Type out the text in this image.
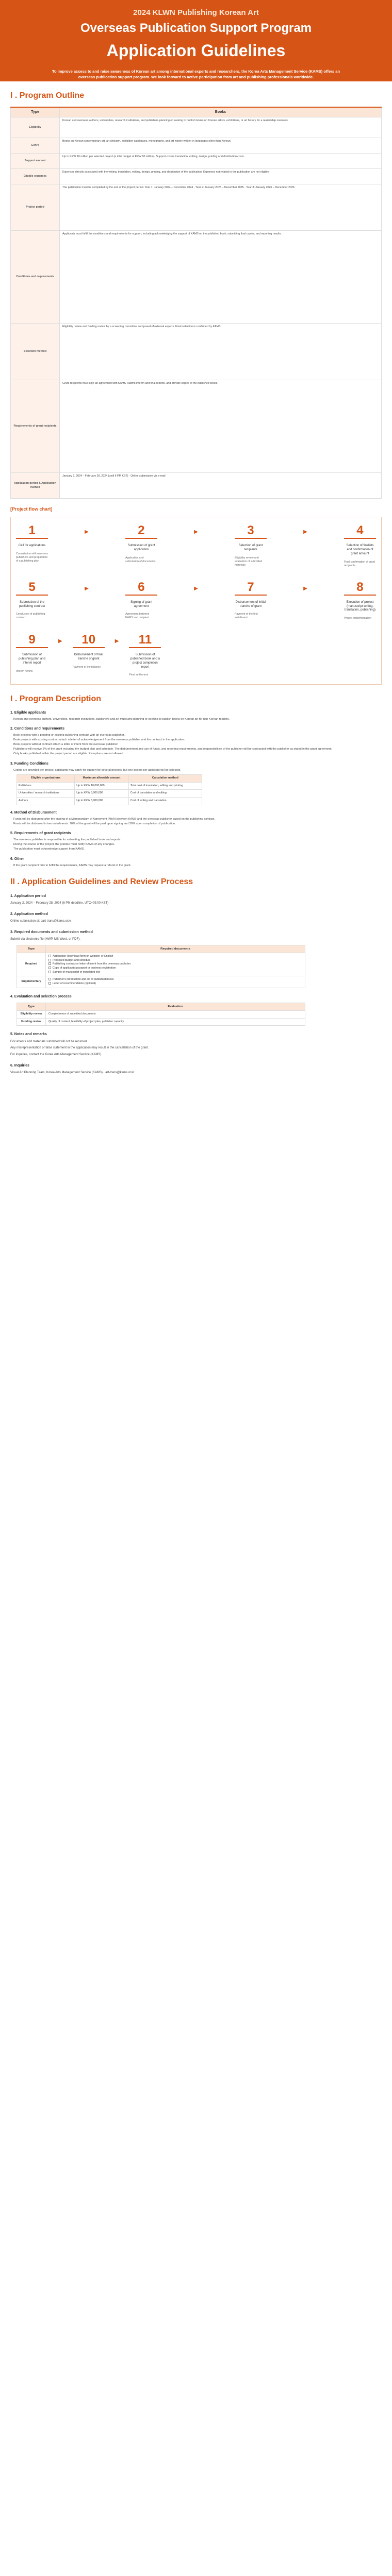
2024 KLWN Publishing Korean Art
Overseas Publication Support Program
Application Guidelines
To improve access to and raise awareness of Korean art among international experts and researchers, the Korea Arts Management Service (KAMS) offers an overseas publication support program. We look forward to active participation from art and publishing professionals worldwide.
I . Program Outline
Type	Books
Eligibility	Korean and overseas authors, universities, research institutions, and publishers planning or seeking to publish books on Korean artists, exhibitions, or art history for a readership overseas.
Genre	Books on Korean contemporary art, art criticism, exhibition catalogues, monographs, and art history written in languages other than Korean.
Support amount	Up to KRW 10 million per selected project (a total budget of KRW 60 million). Support covers translation, editing, design, printing and distribution costs.
Eligible expenses	Expenses directly associated with the writing, translation, editing, design, printing, and distribution of the publication. Expenses not related to the publication are not eligible.
Project period	The publication must be completed by the end of the project period. Year 1: January 2024 – December 2024 · Year 2: January 2025 – December 2025 · Year 3: January 2026 – December 2026
Conditions and requirements	Applicants must fulfill the conditions and requirements for support, including acknowledging the support of KAMS on the published book, submitting final copies, and reporting results.
Selection method	Eligibility review and funding review by a screening committee composed of external experts. Final selection is confirmed by KAMS.
Requirements of grant recipients	Grant recipients must sign an agreement with KAMS, submit interim and final reports, and provide copies of the published books.
Application period & Application method	January 2, 2024 – February 28, 2024 (until 6 PM KST) · Online submission via e-mail
[Project flow chart]
1
Call for applications
Consultation with overseas publishers and preparation of a publishing plan
▶	2
Submission of grant application
Application and submission of documents
▶	3
Selection of grant recipients
Eligibility review and evaluation of submitted materials
▶	4
Selection of finalists and confirmation of grant amount
Final confirmation of grant recipients
5
Submission of the publishing contract
Conclusion of publishing contract
▶	6
Signing of grant agreement
Agreement between KAMS and recipient
▶	7
Disbursement of initial tranche of grant
Payment of the first installment
▶	8
Execution of project (manuscript writing, translation, publishing)
Project implementation
9
Submission of publishing plan and interim report
Interim review
▶	10
Disbursement of final tranche of grant
Payment of the balance
▶	11
Submission of published book and a project completion report
Final settlement
I . Program Description
1. Eligible applicants

Korean and overseas authors, universities, research institutions, publishers and art museums planning or seeking to publish books on Korean art for non-Korean readers.

2. Conditions and requirements

Book projects with a pending or existing publishing contract with an overseas publisher.

Book projects with existing contract attach a letter of acknowledgement from the overseas publisher and the contract in the application.

Book projects without contract attach a letter of intent from the overseas publisher.

Publishers will receive 5% of the grant including the budget plan and schedule. The disbursement and use of funds, and reporting requirements, and responsibilities of the publisher will be contracted with the publisher as stated in the grant agreement.

Only books published within the project period are eligible. Exceptions are not allowed.

3. Funding Conditions

Grants are provided per project; applicants may apply for support for several projects, but one project per applicant will be selected.

Eligible organizations	Maximum allowable amount	Calculation method
Publishers	Up to KRW 10,000,000	Total cost of translation, editing and printing
Universities / research institutions	Up to KRW 8,000,000	Cost of translation and editing
Authors	Up to KRW 5,000,000	Cost of writing and translation
4. Method of Disbursement

Funds will be disbursed after the signing of a Memorandum of Agreement (MoA) between KAMS and the overseas publisher based on the publishing contract.

Funds will be disbursed in two installments: 70% of the grant will be paid upon signing and 30% upon completion of publication.

5. Requirements of grant recipients

The overseas publisher is responsible for submitting the published book and reports.

During the course of the project, the grantee must notify KAMS of any changes.

The publication must acknowledge support from KAMS.

6. Other

If the grant recipient fails to fulfill the requirements, KAMS may request a refund of the grant.

II . Application Guidelines and Review Process
1. Application period

January 2, 2024 – February 28, 2024 (6 PM deadline, UTC+09:00 KST)

2. Application method

Online submission at: cart-trans@kams.or.kr

3. Required documents and submission method

Submit via electronic file (HWP, MS Word, or PDF).

Type	Required documents
Required	Application (download form on website) or English
Proposed budget and schedule
Publishing contract or letter of intent from the overseas publisher
Copy of applicant's passport or business registration
Sample of manuscript or translated text

Supplementary	Publisher's introduction and list of published books
Letter of recommendation (optional)
4. Evaluation and selection process
Type	Evaluation
Eligibility review	Completeness of submitted documents
Funding review	Quality of content, feasibility of project plan, publisher capacity
5. Notes and remarks

Documents and materials submitted will not be returned.

Any misrepresentation or false statement in the application may result in the cancellation of the grant.

For inquiries, contact the Korea Arts Management Service (KAMS).

6. Inquiries

Visual Art Planning Team, Korea Arts Management Service (KAMS) · art-trans@kams.or.kr
